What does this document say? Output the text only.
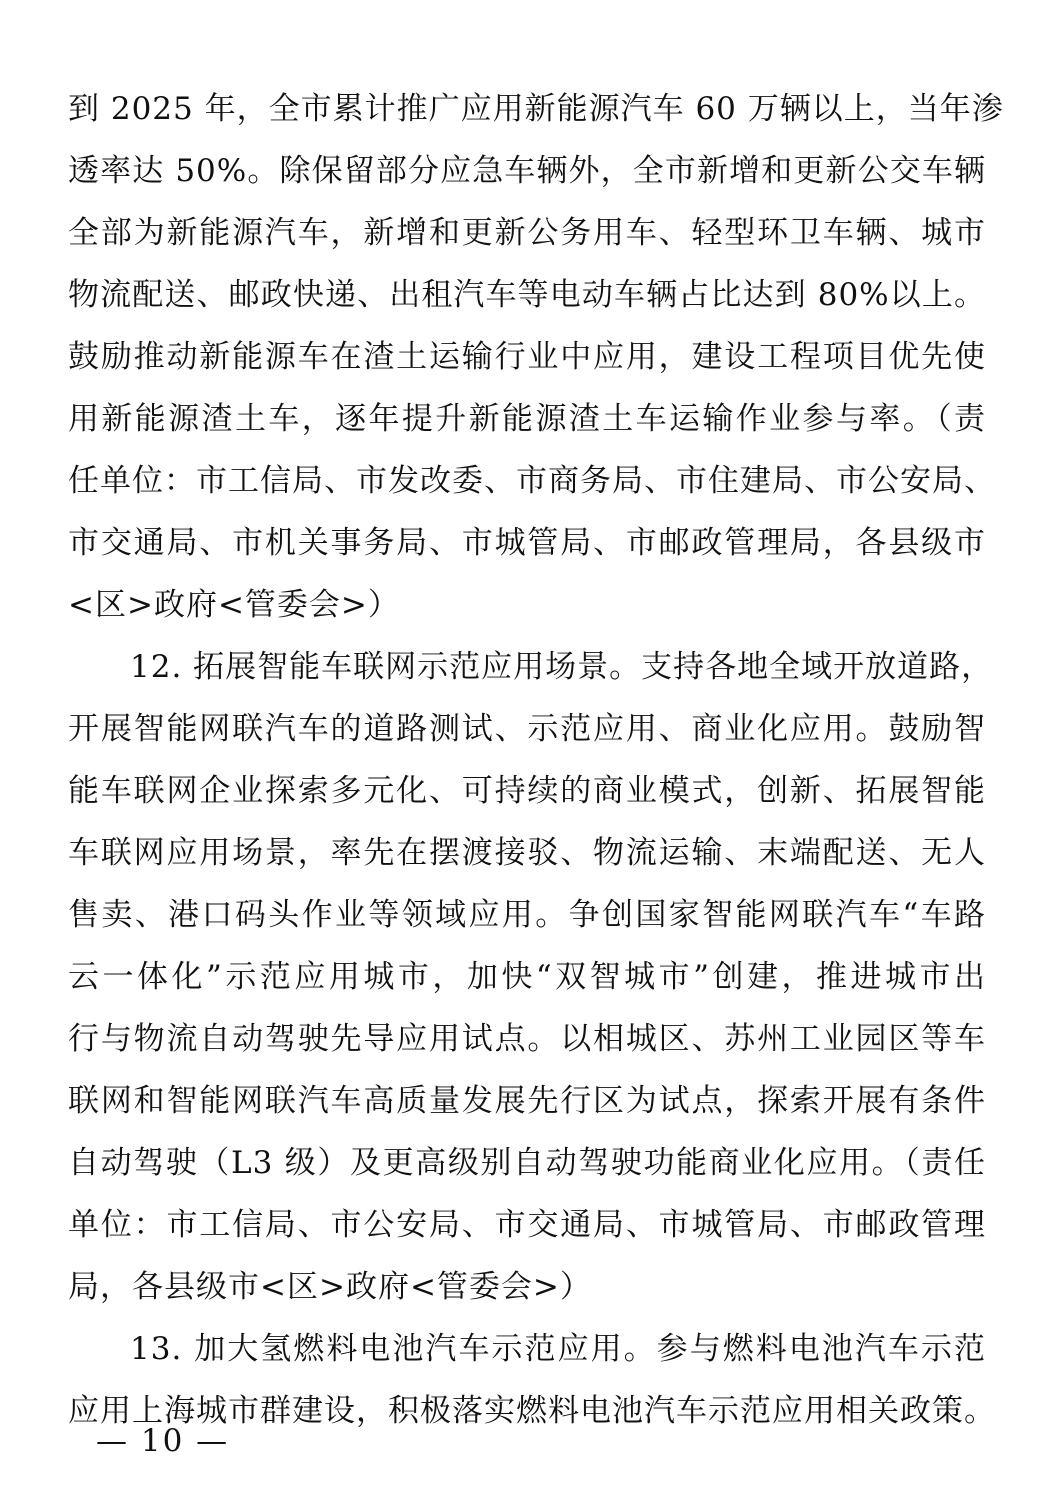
到 2025 年，全市累计推广应用新能源汽车 60 万辆以上，当年渗
透率达 50%。除保留部分应急车辆外，全市新增和更新公交车辆
全部为新能源汽车，新增和更新公务用车、轻型环卫车辆、城市
物流配送、邮政快递、出租汽车等电动车辆占比达到 80%以上。
鼓励推动新能源车在渣土运输行业中应用，建设工程项目优先使
用新能源渣土车，逐年提升新能源渣土车运输作业参与率。（责
任单位：市工信局、市发改委、市商务局、市住建局、市公安局、
市交通局、市机关事务局、市城管局、市邮政管理局，各县级市
<区>政府<管委会>）
12. 拓展智能车联网示范应用场景。支持各地全域开放道路，
开展智能网联汽车的道路测试、示范应用、商业化应用。鼓励智
能车联网企业探索多元化、可持续的商业模式，创新、拓展智能
车联网应用场景，率先在摆渡接驳、物流运输、末端配送、无人
售卖、港口码头作业等领域应用。争创国家智能网联汽车“车路
云一体化”示范应用城市，加快“双智城市”创建，推进城市出
行与物流自动驾驶先导应用试点。以相城区、苏州工业园区等车
联网和智能网联汽车高质量发展先行区为试点，探索开展有条件
自动驾驶（L3 级）及更高级别自动驾驶功能商业化应用。（责任
单位：市工信局、市公安局、市交通局、市城管局、市邮政管理
局，各县级市<区>政府<管委会>）
13. 加大氢燃料电池汽车示范应用。参与燃料电池汽车示范
应用上海城市群建设，积极落实燃料电池汽车示范应用相关政策。
— 10 —
